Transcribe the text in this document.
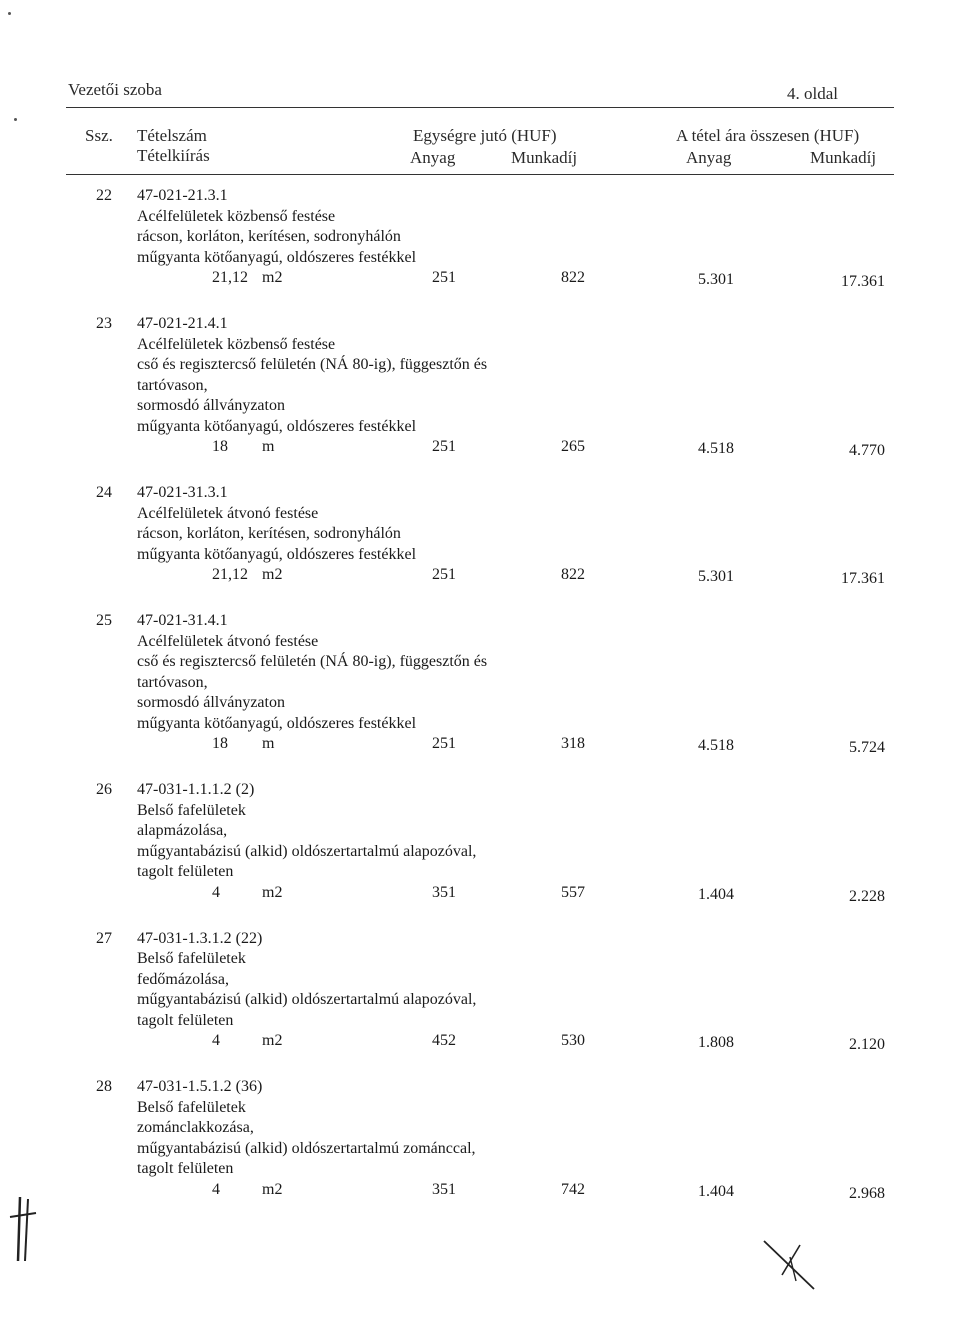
Vezetői szoba	4. oldal
Ssz. Tételszám
Tételkiírás
Egységre jutó (HUF)
Anyag	Munkadíj
A tétel ára összesen (HUF)
Anyag	Munkadíj
22	47-021-21.3.1
Acélfelületek közbenső festése
rácson, korláton, kerítésen, sodronyhálón
műgyanta kötőanyagú, oldószeres festékkel
21,12 m2	251	822	5.301	17.361
23	47-021-21.4.1
Acélfelületek közbenső festése
cső és regisztercső felületén (NÁ 80-ig), függesztőn és
tartóvason,
sormosdó állványzaton
műgyanta kötőanyagú, oldószeres festékkel
18 m	251	265	4.518	4.770
24	47-021-31.3.1
Acélfelületek átvonó festése
rácson, korláton, kerítésen, sodronyhálón
műgyanta kötőanyagú, oldószeres festékkel
21,12 m2	251	822	5.301	17.361
25	47-021-31.4.1
Acélfelületek átvonó festése
cső és regisztercső felületén (NÁ 80-ig), függesztőn és
tartóvason,
sormosdó állványzaton
műgyanta kötőanyagú, oldószeres festékkel
18 m	251	318	4.518	5.724
26	47-031-1.1.1.2 (2)
Belső fafelületek
alapmázolása,
műgyantabázisú (alkid) oldószertartalmú alapozóval,
tagolt felületen
4	m2	351	557	1.404	2.228
27	47-031-1.3.1.2 (22)
Belső fafelületek
fedőmázolása,
műgyantabázisú (alkid) oldószertartalmú alapozóval,
tagolt felületen
4	m2	452	530	1.808	2.120
28	47-031-1.5.1.2 (36)
Belső fafelületek
zománclakkozása,
műgyantabázisú (alkid) oldószertartalmú zománccal,
tagolt felületen
4	m2	351	742	1.404	2.968
